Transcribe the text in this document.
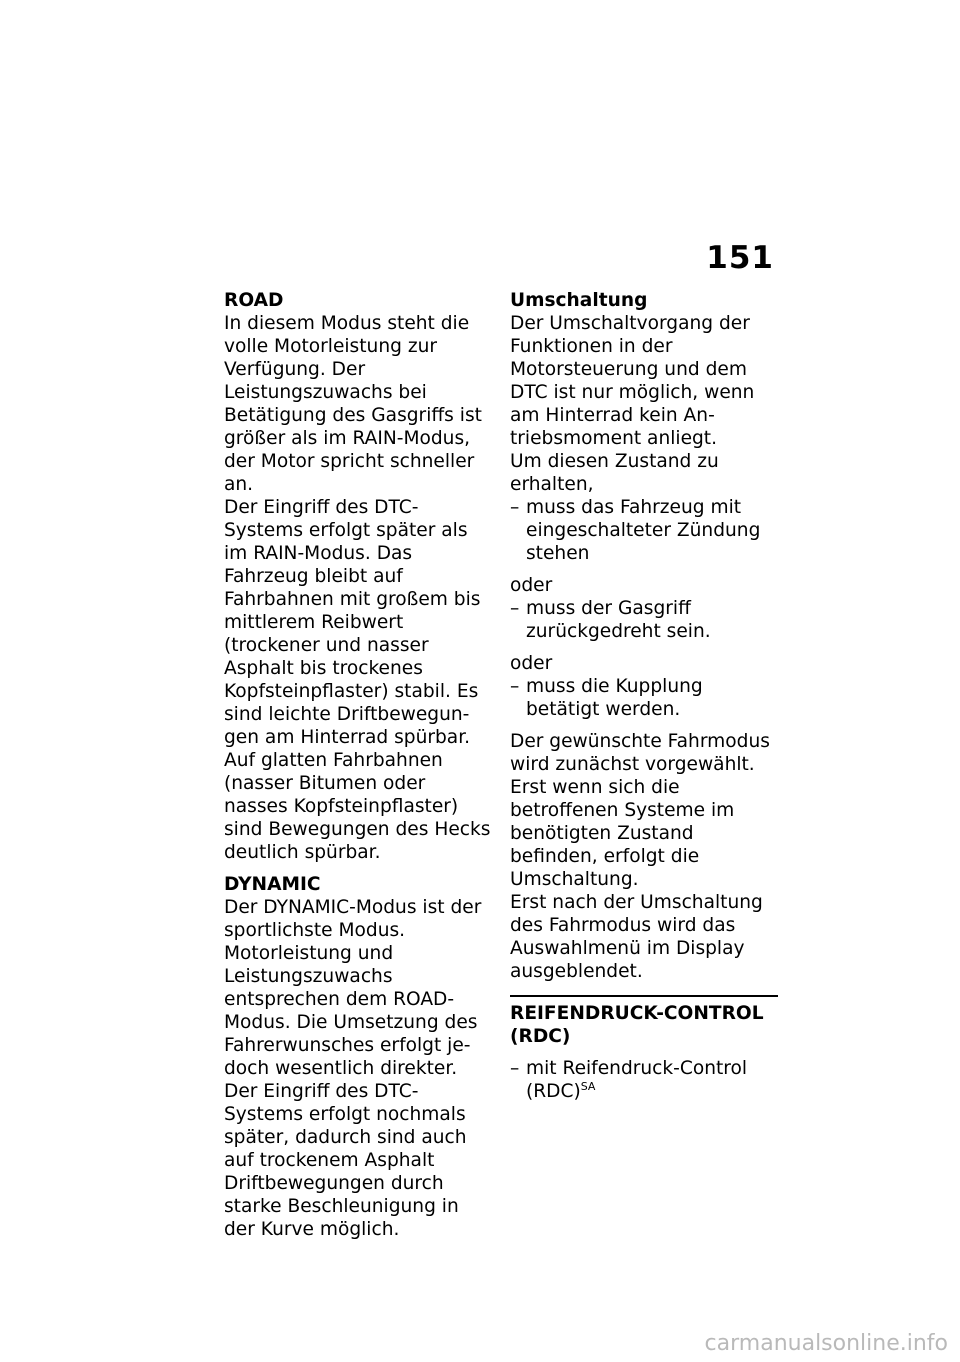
151

ROAD

In diesem Modus steht die volle Motorleistung zur Verfügung. Der Leistungszuwachs bei Betätigung des Gasgriffs ist größer als im RAIN-Modus, der Motor spricht schneller an.

Der Eingriff des DTC-Systems erfolgt später als im RAIN-Modus. Das Fahrzeug bleibt auf Fahrbahnen mit großem bis mittlerem Reibwert (trockener und nasser Asphalt bis trockenes Kopfsteinpflaster) stabil. Es sind leichte Driftbewegungen am Hinterrad spürbar. Auf glatten Fahrbahnen (nasser Bitumen oder nasses Kopfsteinpflaster) sind Bewegungen des Hecks deutlich spürbar.

DYNAMIC

Der DYNAMIC-Modus ist der sportlichste Modus.

Motorleistung und Leistungszuwachs entsprechen dem ROAD-Modus. Die Umsetzung des Fahrerwunsches erfolgt jedoch wesentlich direkter.

Der Eingriff des DTC-Systems erfolgt nochmals später, dadurch sind auch auf trockenem Asphalt Driftbewegungen durch starke Beschleunigung in der Kurve möglich.

Umschaltung

Der Umschaltvorgang der Funktionen in der Motorsteuerung und dem DTC ist nur möglich, wenn am Hinterrad kein Antriebsmoment anliegt.

Um diesen Zustand zu erhalten,

– muss das Fahrzeug mit eingeschalteter Zündung stehen

oder

– muss der Gasgriff zurückgedreht sein.

oder

– muss die Kupplung betätigt werden.

Der gewünschte Fahrmodus wird zunächst vorgewählt. Erst wenn sich die betroffenen Systeme im benötigten Zustand befinden, erfolgt die Umschaltung.

Erst nach der Umschaltung des Fahrmodus wird das Auswahlmenü im Display ausgeblendet.

REIFENDRUCK-CONTROL (RDC)

– mit Reifendruck-Control (RDC)$^{SA}$
carmanualsonline.info
